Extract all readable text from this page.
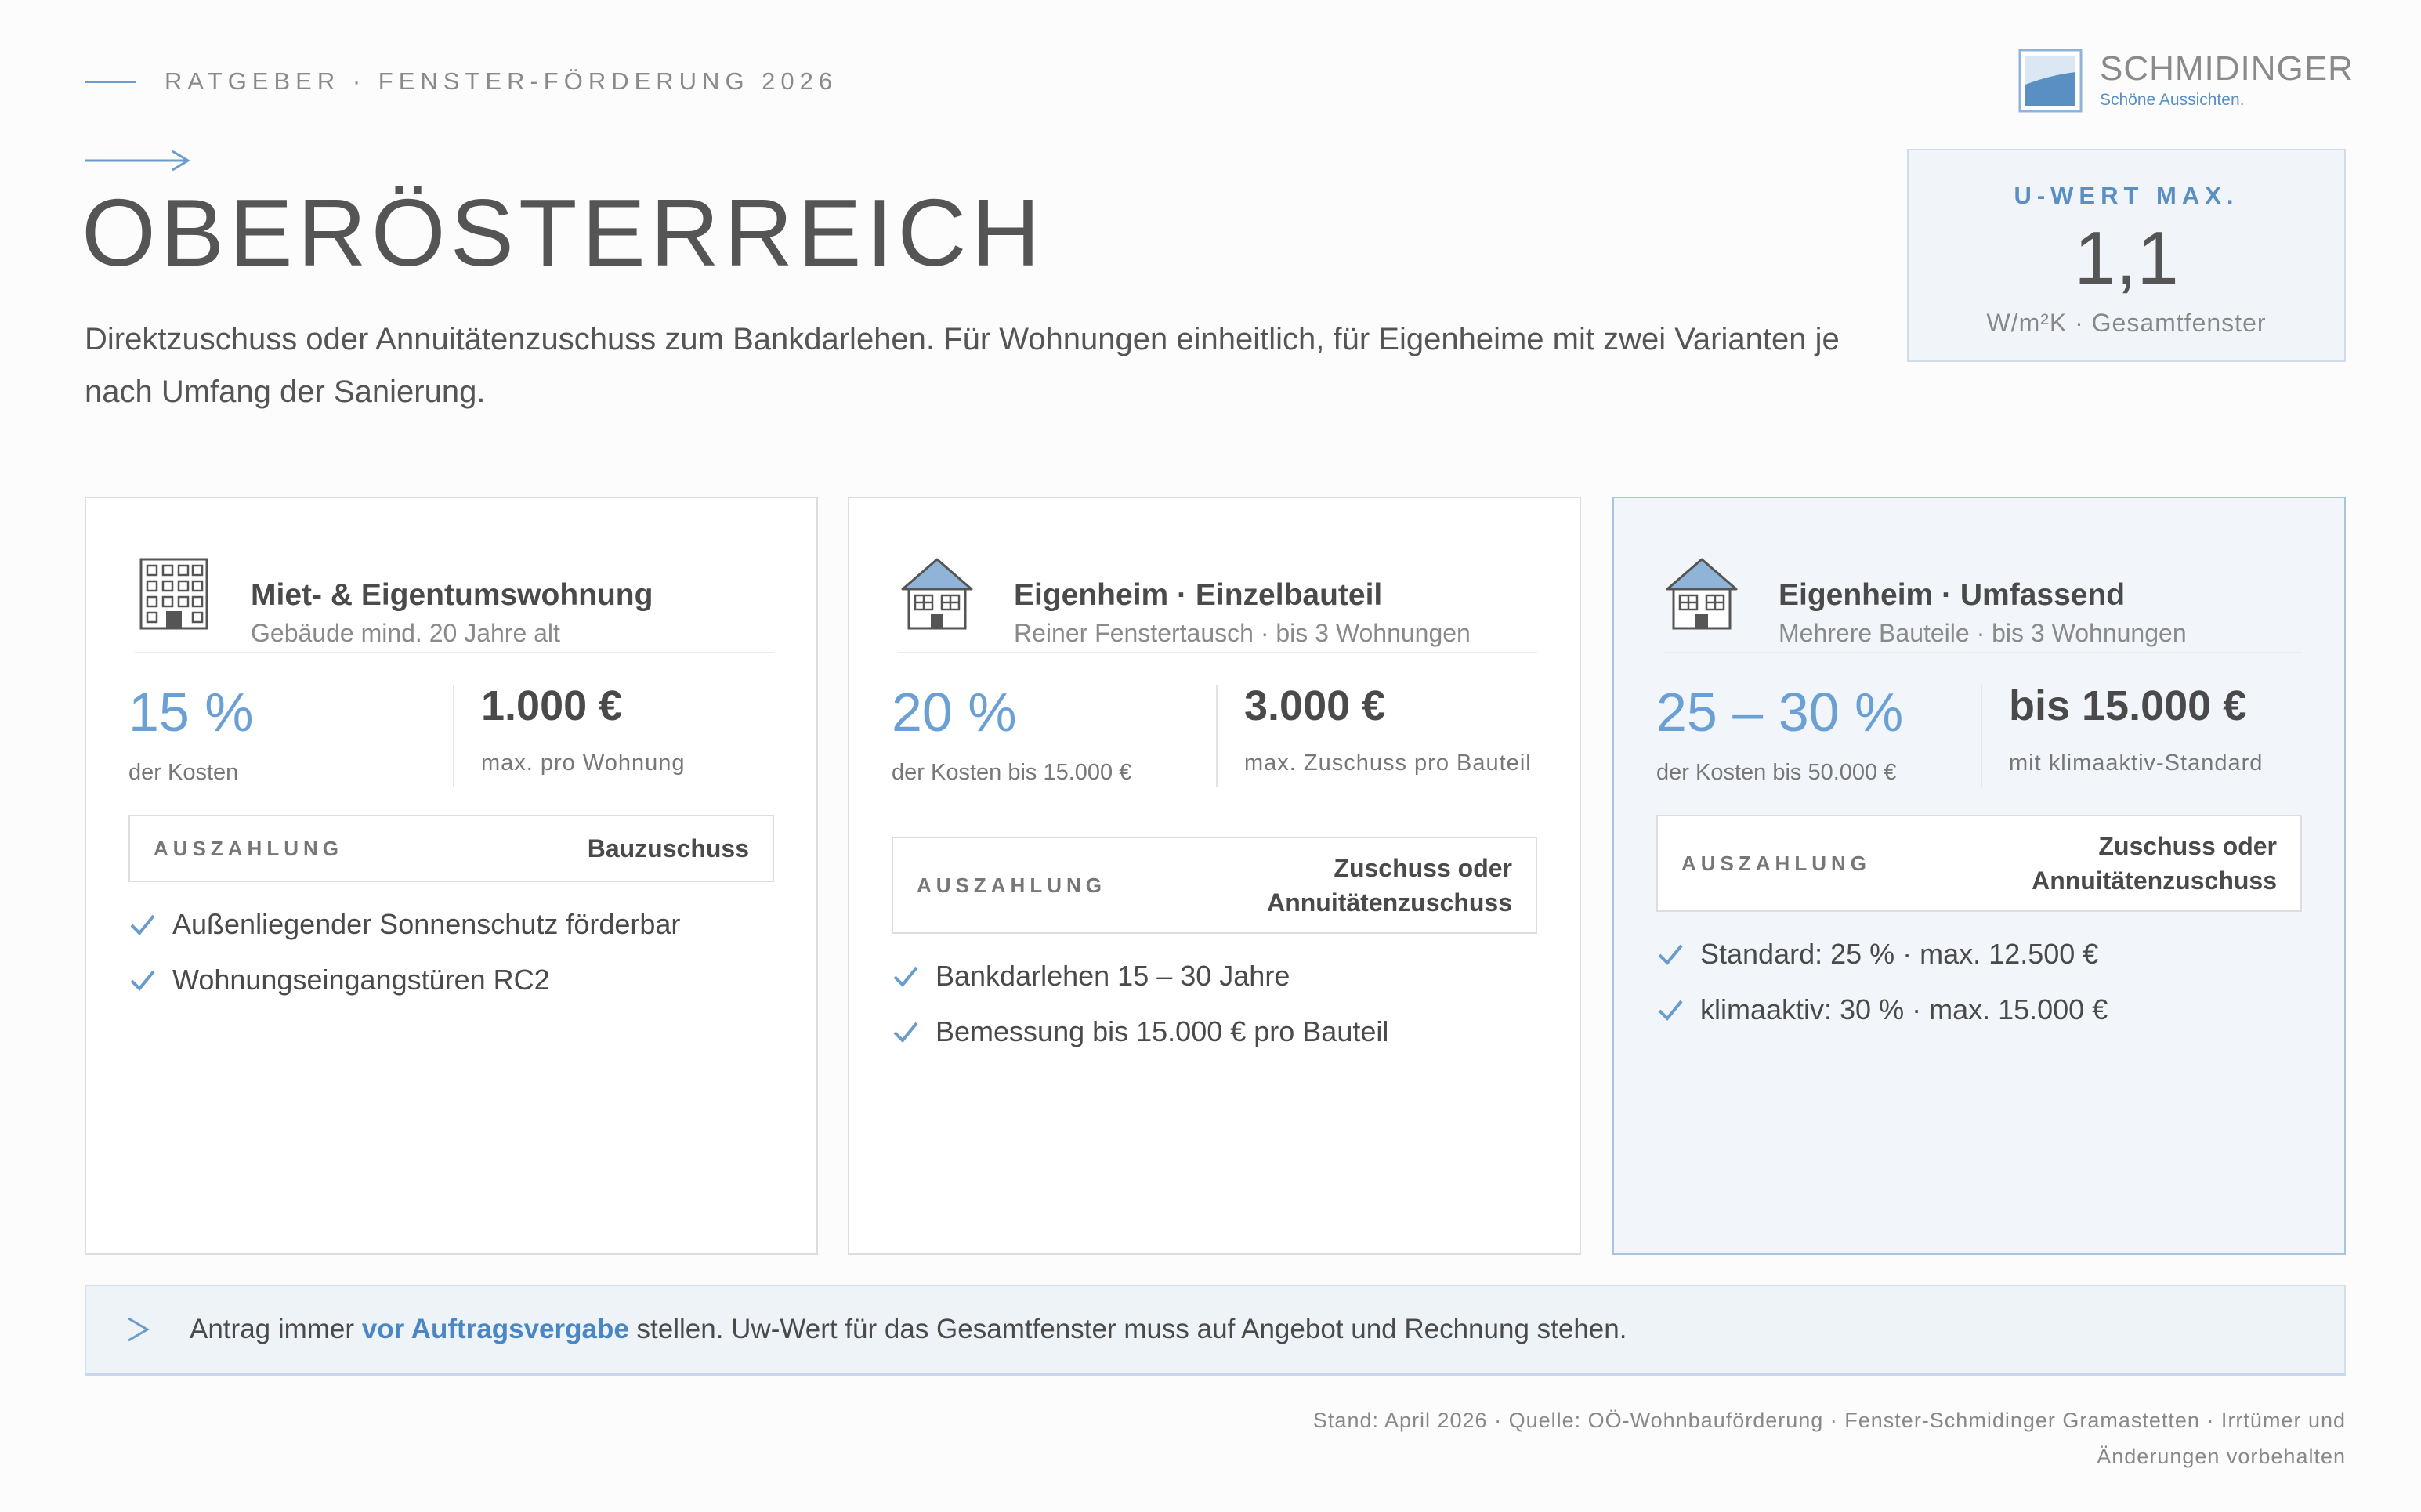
RATGEBER · FENSTER-FÖRDERUNG 2026
OBERÖSTERREICH

Direktzuschuss oder Annuitätenzuschuss zum Bankdarlehen. Für Wohnungen einheitlich, für Eigenheime mit zwei Varianten je nach Umfang der Sanierung.

SCHMIDINGER
Schöne Aussichten.
U-WERT MAX.
1,1
W/m²K · Gesamtfenster
Miet- & Eigentumswohnung
Gebäude mind. 20 Jahre alt
15 %
der Kosten
1.000 €
max. pro Wohnung
AUSZAHLUNG	Bauzuschuss
Außenliegender Sonnenschutz förderbar
Wohnungseingangstüren RC2
Eigenheim · Einzelbauteil
Reiner Fenstertausch · bis 3 Wohnungen
20 %
der Kosten bis 15.000 €
3.000 €
max. Zuschuss pro Bauteil
AUSZAHLUNG
Zuschuss oder Annuitätenzuschuss
Bankdarlehen 15 – 30 Jahre
Bemessung bis 15.000 € pro Bauteil
Eigenheim · Umfassend
Mehrere Bauteile · bis 3 Wohnungen
25 – 30 %
der Kosten bis 50.000 €
bis 15.000 €
mit klimaaktiv-Standard
AUSZAHLUNG
Zuschuss oder Annuitätenzuschuss
Standard: 25 % · max. 12.500 €
klimaaktiv: 30 % · max. 15.000 €
Antrag immer vor Auftragsvergabe stellen. Uw-Wert für das Gesamtfenster muss auf Angebot und Rechnung stehen.

Stand: April 2026 · Quelle: OÖ-Wohnbauförderung · Fenster-Schmidinger Gramastetten · Irrtümer und Änderungen vorbehalten
